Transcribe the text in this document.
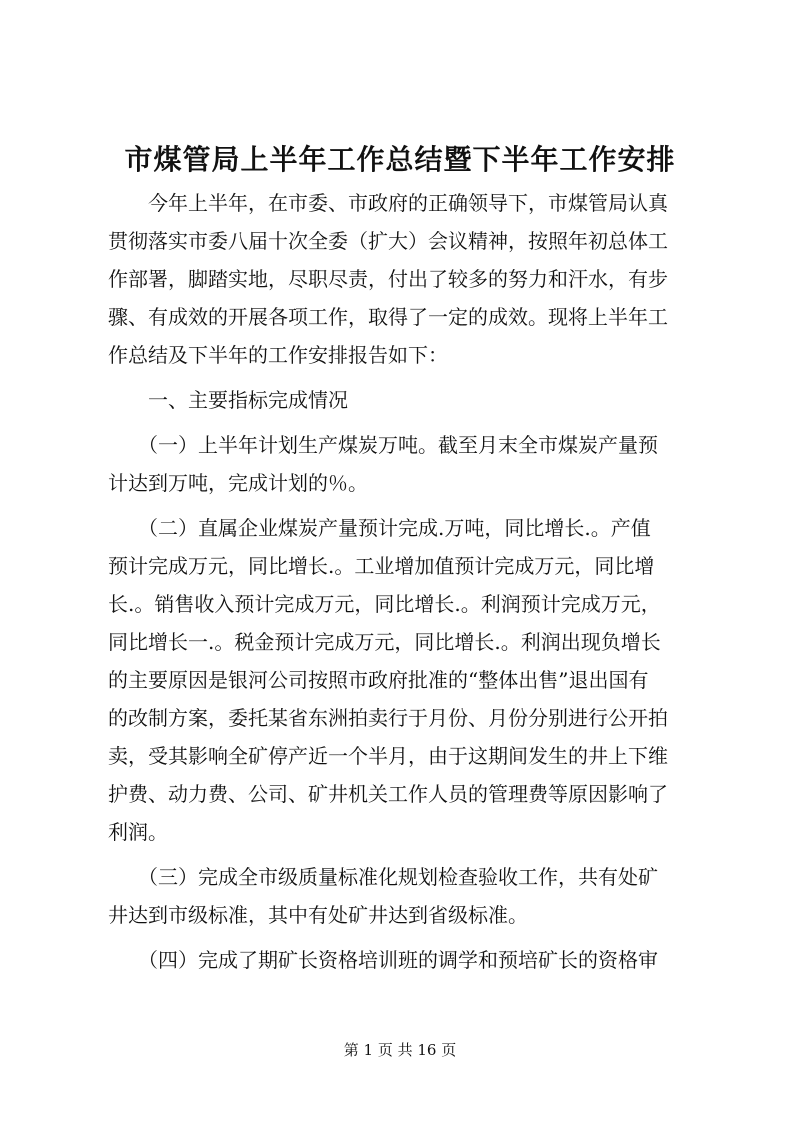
市煤管局上半年工作总结暨下半年工作安排
　　今年上半年，在市委、市政府的正确领导下，市煤管局认真
贯彻落实市委八届十次全委（扩大）会议精神，按照年初总体工
作部署，脚踏实地，尽职尽责，付出了较多的努力和汗水，有步
骤、有成效的开展各项工作，取得了一定的成效。现将上半年工
作总结及下半年的工作安排报告如下：
　　一、主要指标完成情况
　　（一）上半年计划生产煤炭万吨。截至月末全市煤炭产量预
计达到万吨，完成计划的％。
　　（二）直属企业煤炭产量预计完成.万吨，同比增长.。产值
预计完成万元，同比增长.。工业增加值预计完成万元，同比增
长.。销售收入预计完成万元，同比增长.。利润预计完成万元，
同比增长一.。税金预计完成万元，同比增长.。利润出现负增长
的主要原因是银河公司按照市政府批准的“整体出售”退出国有
的改制方案，委托某省东洲拍卖行于月份、月份分别进行公开拍
卖，受其影响全矿停产近一个半月，由于这期间发生的井上下维
护费、动力费、公司、矿井机关工作人员的管理费等原因影响了
利润。
　　（三）完成全市级质量标准化规划检查验收工作，共有处矿
井达到市级标准，其中有处矿井达到省级标准。
　　（四）完成了期矿长资格培训班的调学和预培矿长的资格审
第 1 页 共 16 页
